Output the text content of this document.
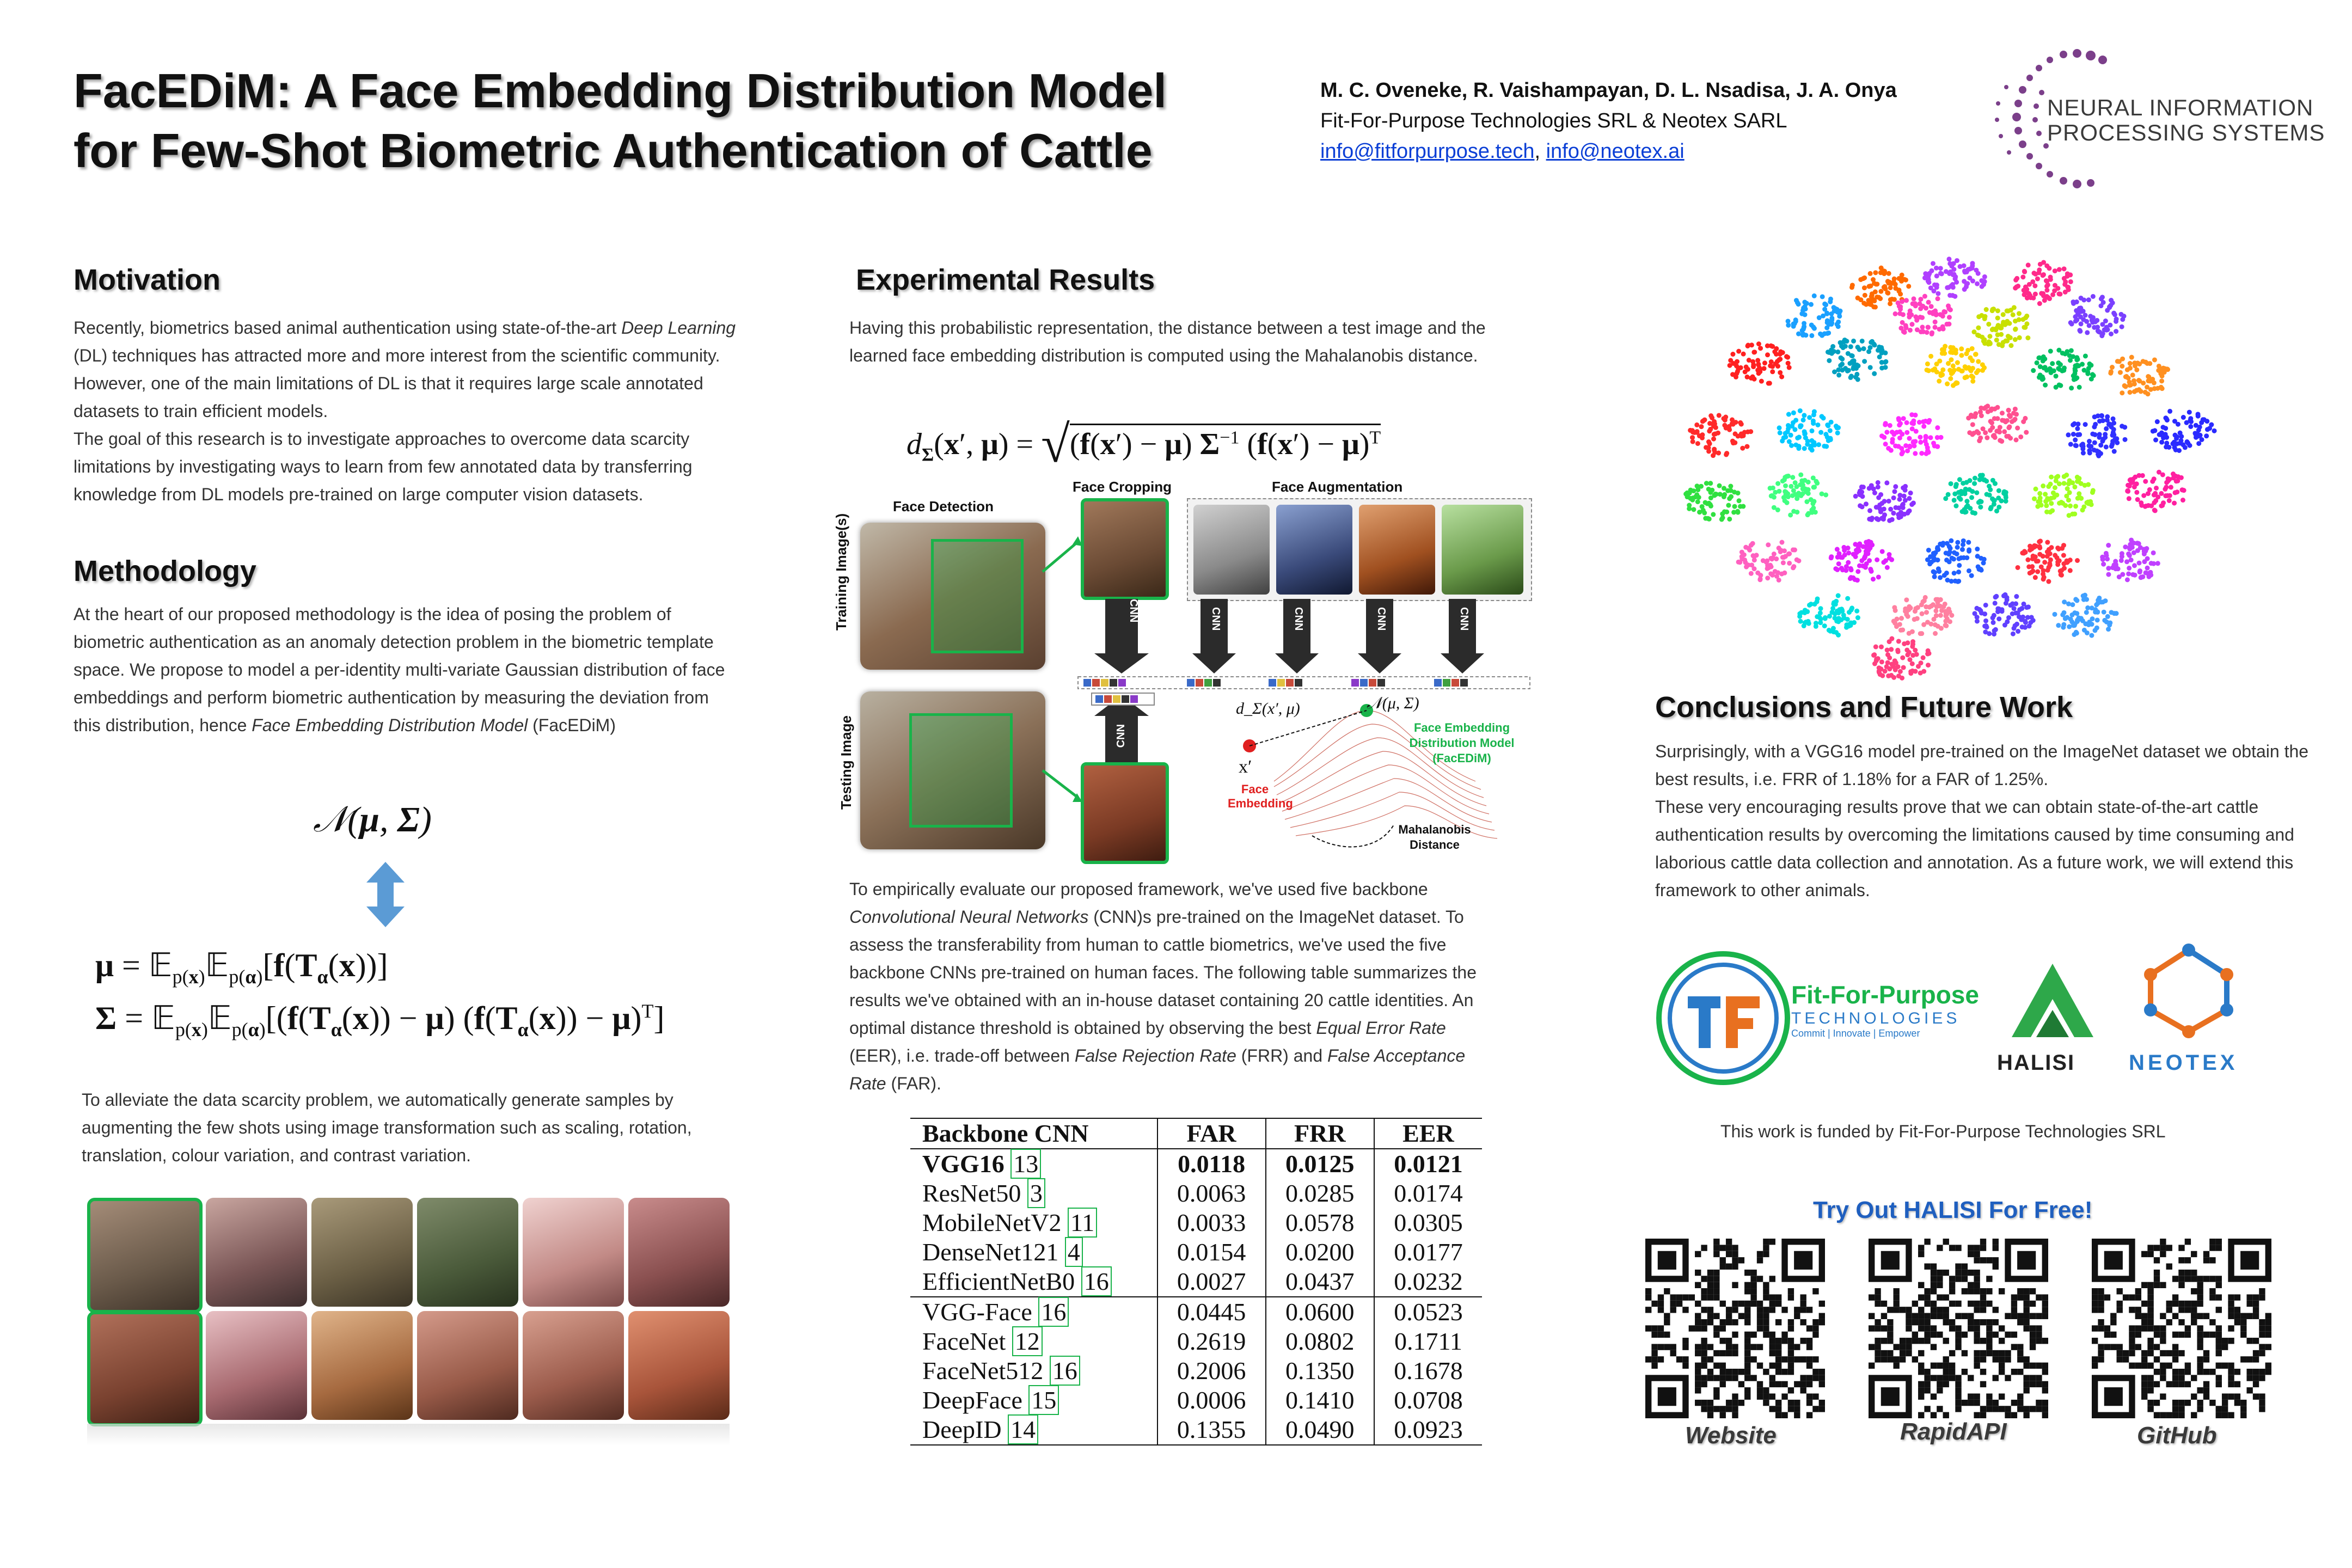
FacEDiM: A Face Embedding Distribution Model
for Few-Shot Biometric Authentication of Cattle
M. C. Oveneke, R. Vaishampayan, D. L. Nsadisa, J. A. Onya
Fit-For-Purpose Technologies SRL & Neotex SARL
info@fitforpurpose.tech, info@neotex.ai
NEURAL INFORMATION
PROCESSING SYSTEMS
Motivation
Recently, biometrics based animal authentication using state-of-the-art Deep Learning (DL) techniques has attracted more and more interest from the scientific community. However, one of the main limitations of DL is that it requires large scale annotated datasets to train efficient models.
The goal of this research is to investigate approaches to overcome data scarcity limitations by investigating ways to learn from few annotated data by transferring knowledge from DL models pre-trained on large computer vision datasets.
Methodology
At the heart of our proposed methodology is the idea of posing the problem of biometric authentication as an anomaly detection problem in the biometric template space. We propose to model a per-identity multi-variate Gaussian distribution of face embeddings and perform biometric authentication by measuring the deviation from this distribution, hence Face Embedding Distribution Model (FacEDiM)
𝒩(μ, Σ)
$\mu = 𝔼_{p(x)}𝔼_{p(\alpha)}[f(T_\alpha(x))]$
$\Sigma = 𝔼_{p(x)}𝔼_{p(\alpha)}[(f(T_\alpha(x)) - \mu) (f(T_\alpha(x)) - \mu)^T]$
To alleviate the data scarcity problem, we automatically generate samples by augmenting the few shots using image transformation such as scaling, rotation, translation, colour variation, and contrast variation.
Experimental Results
Having this probabilistic representation, the distance between a test image and the learned face embedding distribution is computed using the Mahalanobis distance.
$d_\Sigma(x'$, μ) = √(f(x′) − μ) $\Sigma^{-1}$ $(f(x') - \mu)^T$
Face Detection
Face Cropping	Face Augmentation
Training Image(s)
Testing Image
CNN	CNN	CNN	CNN	CNN
CNN
x′
Face Embedding
𝒩(μ, Σ)
d_Σ(x′, μ)
Face Embedding Distribution Model (FacEDiM)
Mahalanobis Distance
To empirically evaluate our proposed framework, we've used five backbone Convolutional Neural Networks (CNN)s pre-trained on the ImageNet dataset. To assess the transferability from human to cattle biometrics, we've used the five backbone CNNs pre-trained on human faces. The following table summarizes the results we've obtained with an in-house dataset containing 20 cattle identities. An optimal distance threshold is obtained by observing the best Equal Error Rate (EER), i.e. trade-off between False Rejection Rate (FRR) and False Acceptance Rate (FAR).
Backbone CNN	FAR	FRR	EER
VGG16 13	0.0118	0.0125	0.0121
ResNet50 3	0.0063	0.0285	0.0174
MobileNetV2 11	0.0033	0.0578	0.0305
DenseNet121 4	0.0154	0.0200	0.0177
EfficientNetB0 16	0.0027	0.0437	0.0232
VGG-Face 16	0.0445	0.0600	0.0523
FaceNet 12	0.2619	0.0802	0.1711
FaceNet512 16	0.2006	0.1350	0.1678
DeepFace 15	0.0006	0.1410	0.0708
DeepID 14	0.1355	0.0490	0.0923
Conclusions and Future Work
Surprisingly, with a VGG16 model pre-trained on the ImageNet dataset we obtain the best results, i.e. FRR of 1.18% for a FAR of 1.25%.
These very encouraging results prove that we can obtain state-of-the-art cattle authentication results by overcoming the limitations caused by time consuming and laborious cattle data collection and annotation. As a future work, we will extend this framework to other animals.
Fit-For-Purpose
TECHNOLOGIES
Commit | Innovate | Empower
HALISI NEOTEX
This work is funded by Fit-For-Purpose Technologies SRL
Try Out HALISI For Free!
Website	RapidAPI	GitHub
